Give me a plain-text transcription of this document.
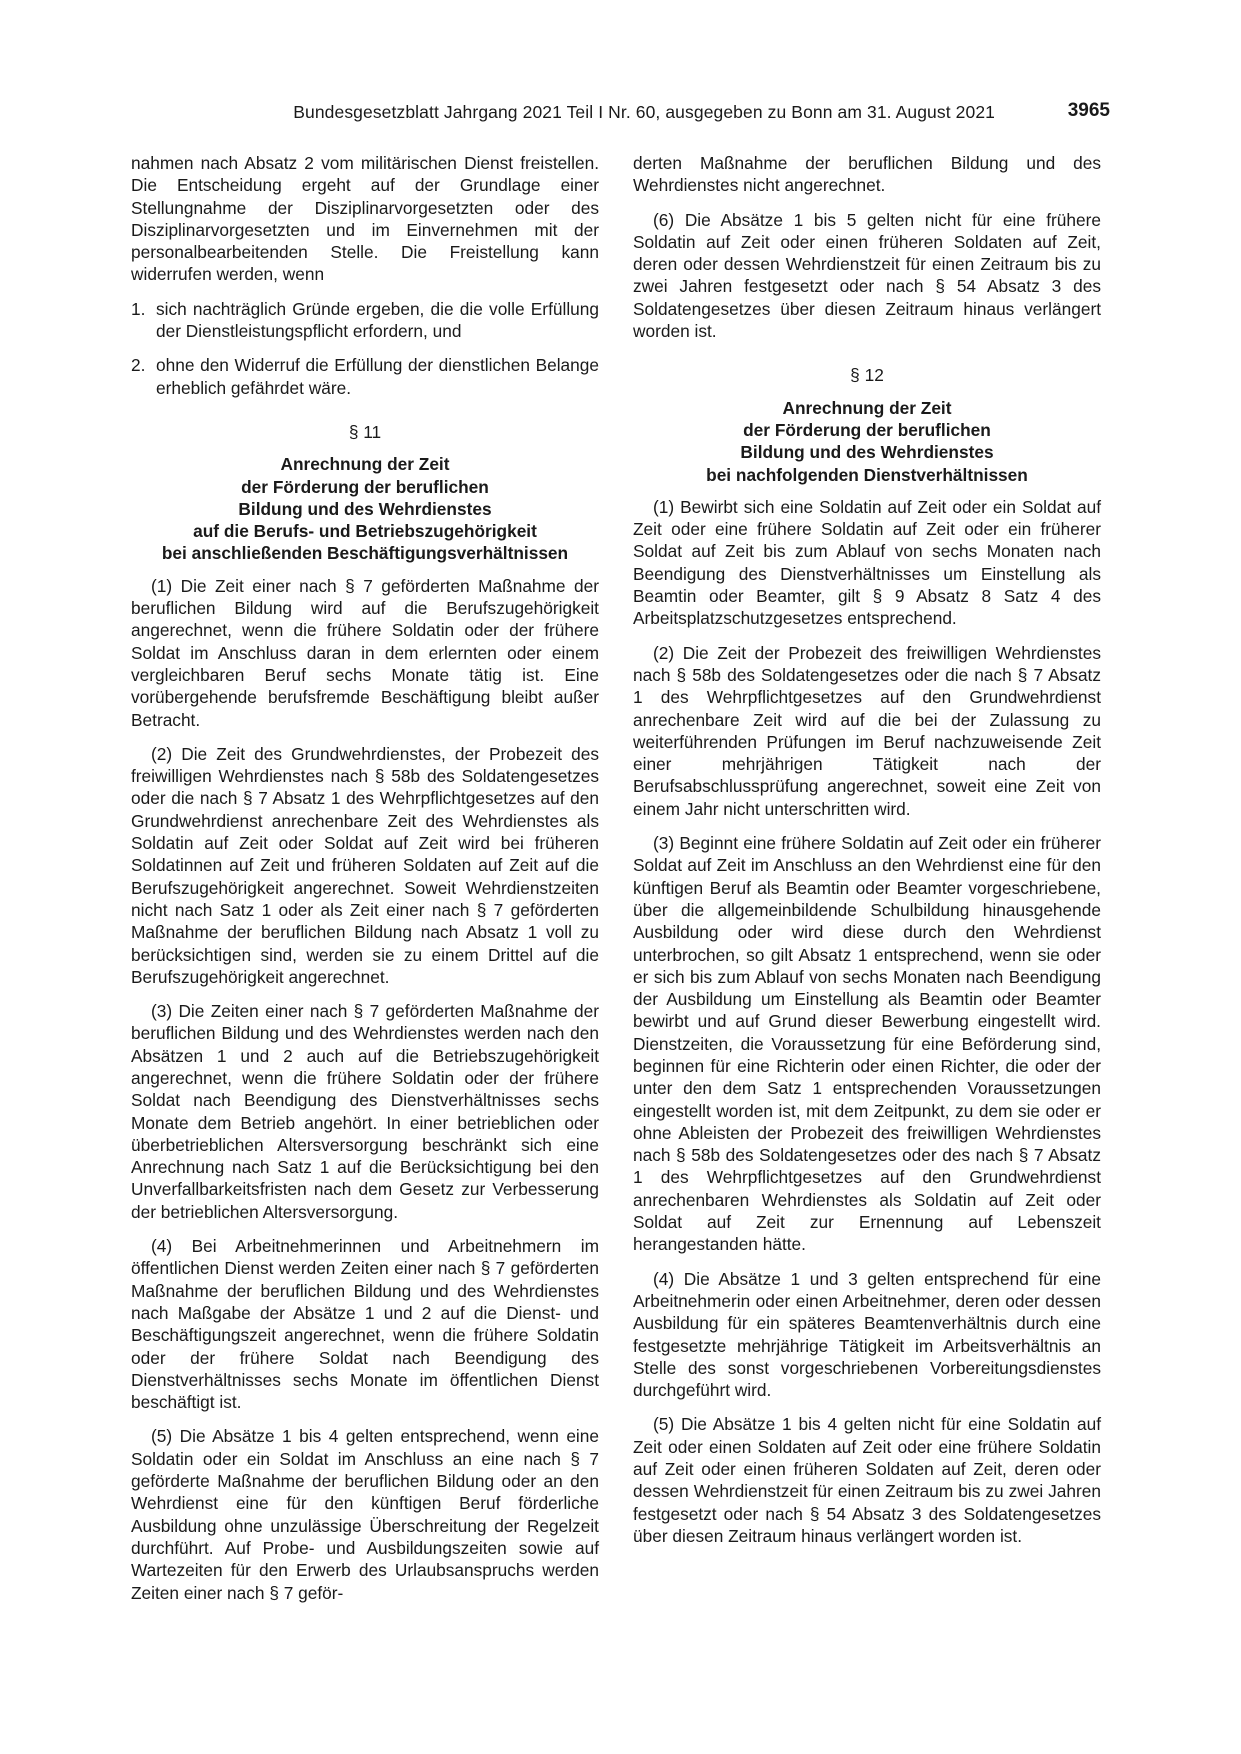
Bundesgesetzblatt Jahrgang 2021 Teil I Nr. 60, ausgegeben zu Bonn am 31. August 2021	3965

nahmen nach Absatz 2 vom militärischen Dienst freistellen. Die Entscheidung ergeht auf der Grundlage einer Stellungnahme der Disziplinarvorgesetzten oder des Disziplinarvorgesetzten und im Einvernehmen mit der personalbearbeitenden Stelle. Die Freistellung kann widerrufen werden, wenn

1. sich nachträglich Gründe ergeben, die die volle Erfüllung der Dienstleistungspflicht erfordern, und
2. ohne den Widerruf die Erfüllung der dienstlichen Belange erheblich gefährdet wäre.
§ 11
Anrechnung der Zeit
der Förderung der beruflichen
Bildung und des Wehrdienstes
auf die Berufs- und Betriebszugehörigkeit
bei anschließenden Beschäftigungsverhältnissen

(1) Die Zeit einer nach § 7 geförderten Maßnahme der beruflichen Bildung wird auf die Berufszugehörigkeit angerechnet, wenn die frühere Soldatin oder der frühere Soldat im Anschluss daran in dem erlernten oder einem vergleichbaren Beruf sechs Monate tätig ist. Eine vorübergehende berufsfremde Beschäftigung bleibt außer Betracht.

(2) Die Zeit des Grundwehrdienstes, der Probezeit des freiwilligen Wehrdienstes nach § 58b des Soldatengesetzes oder die nach § 7 Absatz 1 des Wehrpflichtgesetzes auf den Grundwehrdienst anrechenbare Zeit des Wehrdienstes als Soldatin auf Zeit oder Soldat auf Zeit wird bei früheren Soldatinnen auf Zeit und früheren Soldaten auf Zeit auf die Berufszugehörigkeit angerechnet. Soweit Wehrdienstzeiten nicht nach Satz 1 oder als Zeit einer nach § 7 geförderten Maßnahme der beruflichen Bildung nach Absatz 1 voll zu berücksichtigen sind, werden sie zu einem Drittel auf die Berufszugehörigkeit angerechnet.

(3) Die Zeiten einer nach § 7 geförderten Maßnahme der beruflichen Bildung und des Wehrdienstes werden nach den Absätzen 1 und 2 auch auf die Betriebszugehörigkeit angerechnet, wenn die frühere Soldatin oder der frühere Soldat nach Beendigung des Dienstverhältnisses sechs Monate dem Betrieb angehört. In einer betrieblichen oder überbetrieblichen Altersversorgung beschränkt sich eine Anrechnung nach Satz 1 auf die Berücksichtigung bei den Unverfallbarkeitsfristen nach dem Gesetz zur Verbesserung der betrieblichen Altersversorgung.

(4) Bei Arbeitnehmerinnen und Arbeitnehmern im öffentlichen Dienst werden Zeiten einer nach § 7 geförderten Maßnahme der beruflichen Bildung und des Wehrdienstes nach Maßgabe der Absätze 1 und 2 auf die Dienst- und Beschäftigungszeit angerechnet, wenn die frühere Soldatin oder der frühere Soldat nach Beendigung des Dienstverhältnisses sechs Monate im öffentlichen Dienst beschäftigt ist.

(5) Die Absätze 1 bis 4 gelten entsprechend, wenn eine Soldatin oder ein Soldat im Anschluss an eine nach § 7 geförderte Maßnahme der beruflichen Bildung oder an den Wehrdienst eine für den künftigen Beruf förderliche Ausbildung ohne unzulässige Überschreitung der Regelzeit durchführt. Auf Probe- und Ausbildungszeiten sowie auf Wartezeiten für den Erwerb des Urlaubsanspruchs werden Zeiten einer nach § 7 geför-

derten Maßnahme der beruflichen Bildung und des Wehrdienstes nicht angerechnet.

(6) Die Absätze 1 bis 5 gelten nicht für eine frühere Soldatin auf Zeit oder einen früheren Soldaten auf Zeit, deren oder dessen Wehrdienstzeit für einen Zeitraum bis zu zwei Jahren festgesetzt oder nach § 54 Absatz 3 des Soldatengesetzes über diesen Zeitraum hinaus verlängert worden ist.

§ 12
Anrechnung der Zeit
der Förderung der beruflichen
Bildung und des Wehrdienstes
bei nachfolgenden Dienstverhältnissen

(1) Bewirbt sich eine Soldatin auf Zeit oder ein Soldat auf Zeit oder eine frühere Soldatin auf Zeit oder ein früherer Soldat auf Zeit bis zum Ablauf von sechs Monaten nach Beendigung des Dienstverhältnisses um Einstellung als Beamtin oder Beamter, gilt § 9 Absatz 8 Satz 4 des Arbeitsplatzschutzgesetzes entsprechend.

(2) Die Zeit der Probezeit des freiwilligen Wehrdienstes nach § 58b des Soldatengesetzes oder die nach § 7 Absatz 1 des Wehrpflichtgesetzes auf den Grundwehrdienst anrechenbare Zeit wird auf die bei der Zulassung zu weiterführenden Prüfungen im Beruf nachzuweisende Zeit einer mehrjährigen Tätigkeit nach der Berufsabschlussprüfung angerechnet, soweit eine Zeit von einem Jahr nicht unterschritten wird.

(3) Beginnt eine frühere Soldatin auf Zeit oder ein früherer Soldat auf Zeit im Anschluss an den Wehrdienst eine für den künftigen Beruf als Beamtin oder Beamter vorgeschriebene, über die allgemeinbildende Schulbildung hinausgehende Ausbildung oder wird diese durch den Wehrdienst unterbrochen, so gilt Absatz 1 entsprechend, wenn sie oder er sich bis zum Ablauf von sechs Monaten nach Beendigung der Ausbildung um Einstellung als Beamtin oder Beamter bewirbt und auf Grund dieser Bewerbung eingestellt wird. Dienstzeiten, die Voraussetzung für eine Beförderung sind, beginnen für eine Richterin oder einen Richter, die oder der unter den dem Satz 1 entsprechenden Voraussetzungen eingestellt worden ist, mit dem Zeitpunkt, zu dem sie oder er ohne Ableisten der Probezeit des freiwilligen Wehrdienstes nach § 58b des Soldatengesetzes oder des nach § 7 Absatz 1 des Wehrpflichtgesetzes auf den Grundwehrdienst anrechenbaren Wehrdienstes als Soldatin auf Zeit oder Soldat auf Zeit zur Ernennung auf Lebenszeit herangestanden hätte.

(4) Die Absätze 1 und 3 gelten entsprechend für eine Arbeitnehmerin oder einen Arbeitnehmer, deren oder dessen Ausbildung für ein späteres Beamtenverhältnis durch eine festgesetzte mehrjährige Tätigkeit im Arbeitsverhältnis an Stelle des sonst vorgeschriebenen Vorbereitungsdienstes durchgeführt wird.

(5) Die Absätze 1 bis 4 gelten nicht für eine Soldatin auf Zeit oder einen Soldaten auf Zeit oder eine frühere Soldatin auf Zeit oder einen früheren Soldaten auf Zeit, deren oder dessen Wehrdienstzeit für einen Zeitraum bis zu zwei Jahren festgesetzt oder nach § 54 Absatz 3 des Soldatengesetzes über diesen Zeitraum hinaus verlängert worden ist.
